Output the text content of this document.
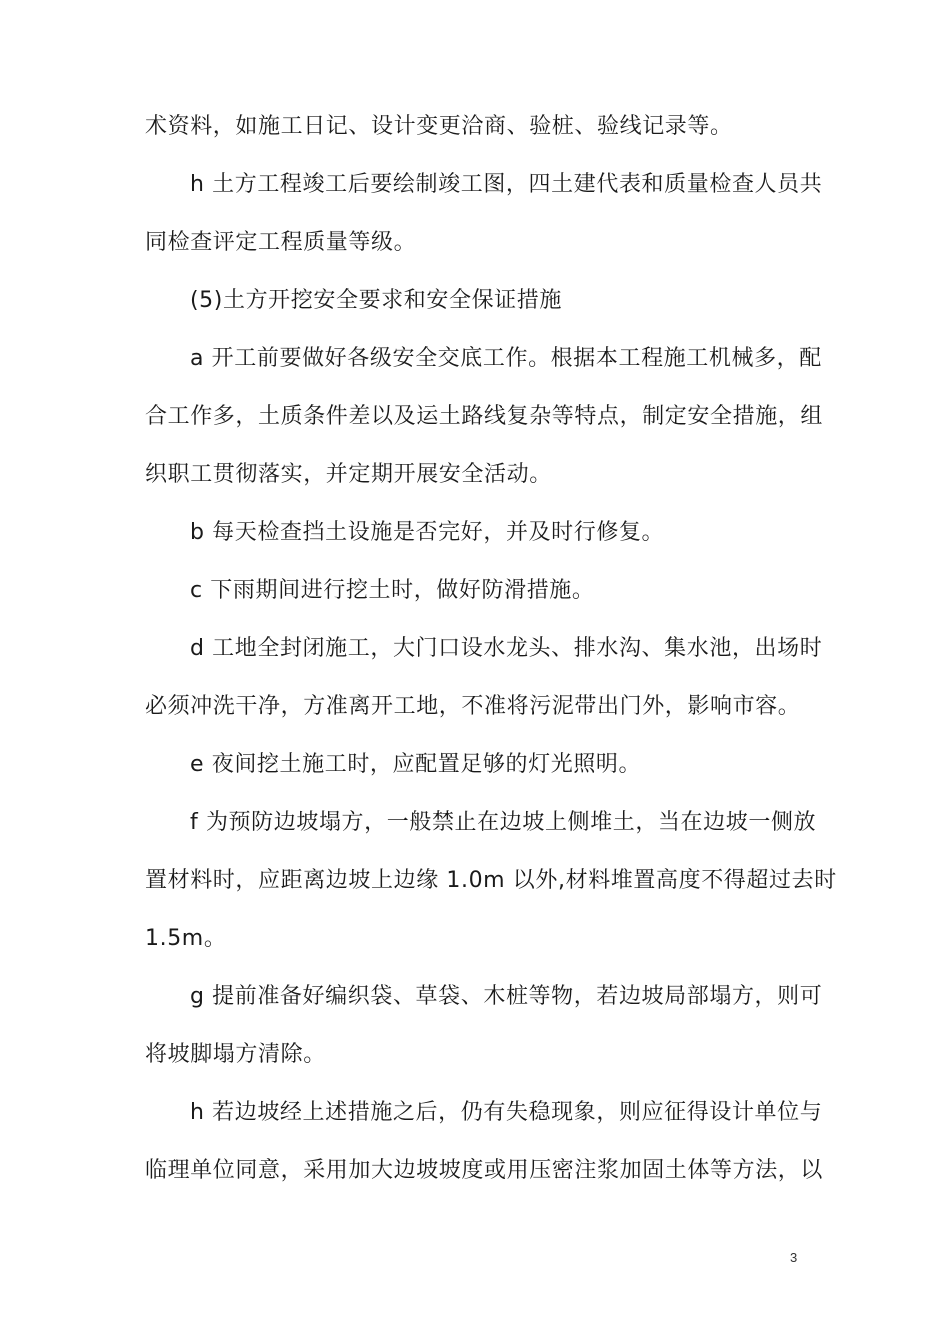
术资料，如施工日记、设计变更洽商、验桩、验线记录等。
h 土方工程竣工后要绘制竣工图，四土建代表和质量检查人员共
同检查评定工程质量等级。
(5)土方开挖安全要求和安全保证措施
a 开工前要做好各级安全交底工作。根据本工程施工机械多，配
合工作多，土质条件差以及运土路线复杂等特点，制定安全措施，组
织职工贯彻落实，并定期开展安全活动。
b 每天检查挡土设施是否完好，并及时行修复。
c 下雨期间进行挖土时，做好防滑措施。
d 工地全封闭施工，大门口设水龙头、排水沟、集水池，出场时
必须冲洗干净，方准离开工地，不准将污泥带出门外，影响市容。
e 夜间挖土施工时，应配置足够的灯光照明。
f 为预防边坡塌方，一般禁止在边坡上侧堆土，当在边坡一侧放
置材料时，应距离边坡上边缘 1.0m 以外,材料堆置高度不得超过去时
1.5m。
g 提前准备好编织袋、草袋、木桩等物，若边坡局部塌方，则可
将坡脚塌方清除。
h 若边坡经上述措施之后，仍有失稳现象，则应征得设计单位与
临理单位同意，采用加大边坡坡度或用压密注浆加固土体等方法，以
3
